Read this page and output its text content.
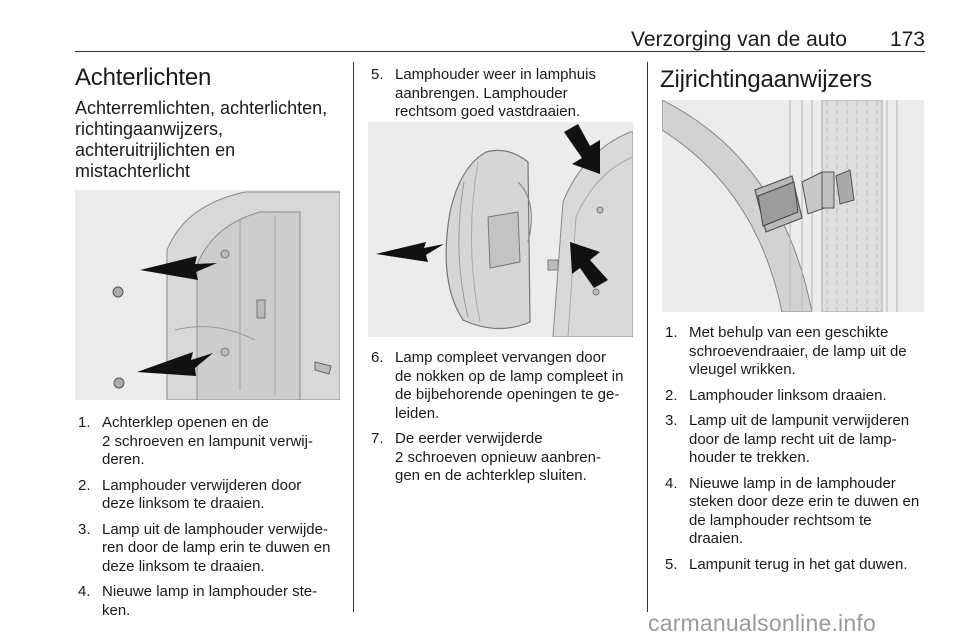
Verzorging van de auto 173
Achterlichten
Achterremlichten, achterlichten,
richtingaanwijzers,
achteruitrijlichten en
mistachterlicht
1. Achterklep openen en de
2 schroeven en lampunit verwij-
deren.
2. Lamphouder verwijderen door
deze linksom te draaien.
3. Lamp uit de lamphouder verwijde-
ren door de lamp erin te duwen en
deze linksom te draaien.
4. Nieuwe lamp in lamphouder ste-
ken.
5. Lamphouder weer in lamphuis
aanbrengen. Lamphouder
rechtsom goed vastdraaien.
6. Lamp compleet vervangen door
de nokken op de lamp compleet in
de bijbehorende openingen te ge-
leiden.
7. De eerder verwijderde
2 schroeven opnieuw aanbren-
gen en de achterklep sluiten.
Zijrichtingaanwijzers
1. Met behulp van een geschikte
schroevendraaier, de lamp uit de
vleugel wrikken.
2. Lamphouder linksom draaien.
3. Lamp uit de lampunit verwijderen
door de lamp recht uit de lamp-
houder te trekken.
4. Nieuwe lamp in de lamphouder
steken door deze erin te duwen en
de lamphouder rechtsom te
draaien.
5. Lampunit terug in het gat duwen.
carmanualsonline.info
